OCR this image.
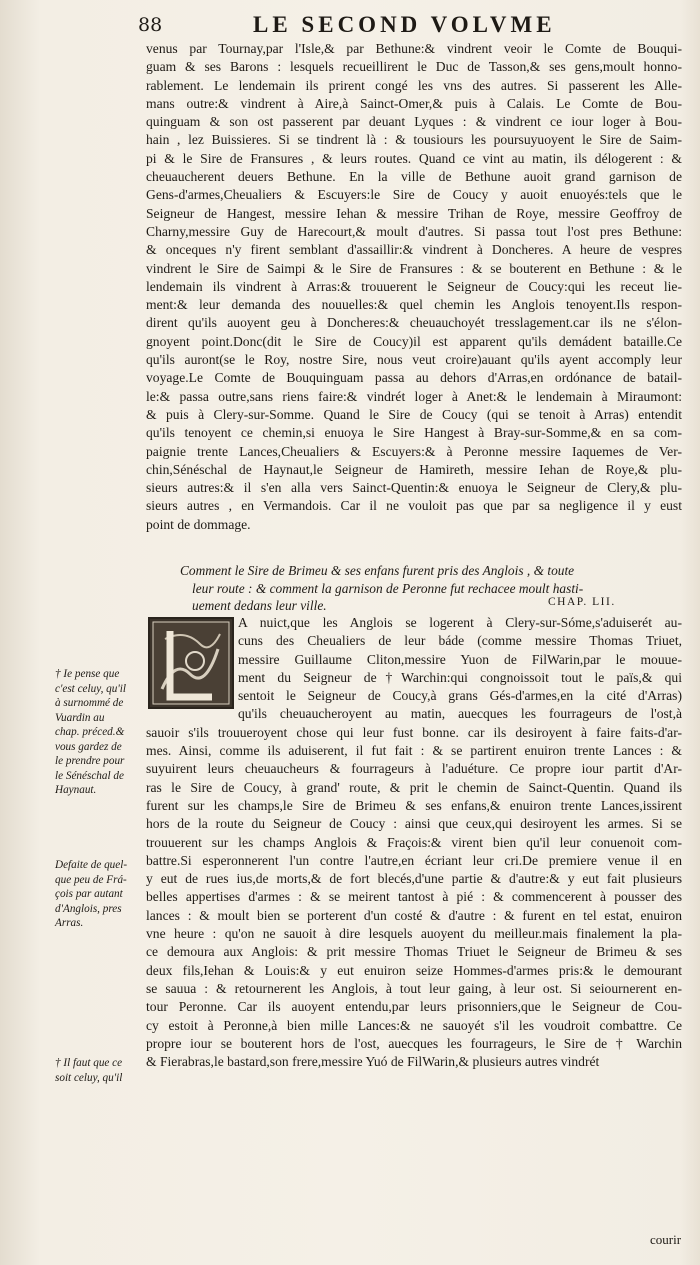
88	LE SECOND VOLVME
venus par Tournay,par l'Isle,& par Bethune:& vindrent veoir le Comte de Bouqui-
guam & ses Barons : lesquels recueillirent le Duc de Tasson,& ses gens,moult honno-
rablement. Le lendemain ils prirent congé les vns des autres. Si passerent les Alle-
mans outre:& vindrent à Aire,à Sainct-Omer,& puis à Calais. Le Comte de Bou-
quinguam & son ost passerent par deuant Lyques : & vindrent ce iour loger à Bou-
hain , lez Buissieres. Si se tindrent là : & tousiours les poursuyuoyent le Sire de Saim-
pi & le Sire de Fransures , & leurs routes. Quand ce vint au matin, ils délogerent : &
cheuaucherent deuers Bethune. En la ville de Bethune auoit grand garnison de
Gens-d'armes,Cheualiers & Escuyers:le Sire de Coucy y auoit enuoyés:tels que le
Seigneur de Hangest, messire Iehan & messire Trihan de Roye, messire Geoffroy de
Charny,messire Guy de Harecourt,& moult d'autres. Si passa tout l'ost pres Bethune:
& onceques n'y firent semblant d'assaillir:& vindrent à Doncheres. A heure de vespres
vindrent le Sire de Saimpi & le Sire de Fransures : & se bouterent en Bethune : & le
lendemain ils vindrent à Arras:& trouuerent le Seigneur de Coucy:qui les receut lie-
ment:& leur demanda des nouuelles:& quel chemin les Anglois tenoyent.Ils respon-
dirent qu'ils auoyent geu à Doncheres:& cheuauchoyét tresslagement.car ils ne s'élon-
gnoyent point.Donc(dit le Sire de Coucy)il est apparent qu'ils demádent bataille.Ce
qu'ils auront(se le Roy, nostre Sire, nous veut croire)auant qu'ils ayent accomply leur
voyage.Le Comte de Bouquinguam passa au dehors d'Arras,en ordónance de batail-
le:& passa outre,sans riens faire:& vindrét loger à Anet:& le lendemain à Miraumont:
& puis à Clery-sur-Somme. Quand le Sire de Coucy (qui se tenoit à Arras) entendit
qu'ils tenoyent ce chemin,si enuoya le Sire Hangest à Bray-sur-Somme,& en sa com-
paignie trente Lances,Cheualiers & Escuyers:& à Peronne messire Iaquemes de Ver-
chin,Sénéschal de Haynaut,le Seigneur de Hamireth, messire Iehan de Roye,& plu-
sieurs autres:& il s'en alla vers Sainct-Quentin:& enuoya le Seigneur de Clery,& plu-
sieurs autres , en Vermandois. Car il ne vouloit pas que par sa negligence il y eust
point de dommage.
Comment le Sire de Brimeu & ses enfans furent pris des Anglois , & toute
leur route : & comment la garnison de Peronne fut rechacee moult hasti-
uement dedans leur ville.	CHAP. LII.
A nuict,que les Anglois se logerent à Clery-sur-Sóme,s'aduiserét au-
cuns des Cheualiers de leur báde (comme messire Thomas Triuet,
messire Guillaume Cliton,messire Yuon de FilWarin,par le mouue-
ment du Seigneur de†Warchin:qui congnoissoit tout le païs,& qui
sentoit le Seigneur de Coucy,à grans Gés-d'armes,en la cité d'Arras)
qu'ils cheuaucheroyent au matin, auecques les fourrageurs de l'ost,à
sauoir s'ils trouueroyent chose qui leur fust bonne. car ils desiroyent à faire faits-d'ar-
mes. Ainsi, comme ils aduiserent, il fut fait : & se partirent enuiron trente Lances : &
suyuirent leurs cheuaucheurs & fourrageurs à l'aduéture. Ce propre iour partit d'Ar-
ras le Sire de Coucy, à grand' route, & prit le chemin de Sainct-Quentin. Quand ils
furent sur les champs,le Sire de Brimeu & ses enfans,& enuiron trente Lances,issirent
hors de la route du Seigneur de Coucy : ainsi que ceux,qui desiroyent les armes. Si se
trouuerent sur les champs Anglois & Fraçois:& virent bien qu'il leur conuenoit com-
battre.Si esperonnerent l'un contre l'autre,en écriant leur cri.De premiere venue il en
y eut de rues ius,de morts,& de fort blecés,d'une partie & d'autre:& y eut fait plusieurs
belles appertises d'armes : & se meirent tantost à pié : & commencerent à pousser des
lances : & moult bien se porterent d'un costé & d'autre : & furent en tel estat, enuiron
vne heure : qu'on ne sauoit à dire lesquels auoyent du meilleur.mais finalement la pla-
ce demoura aux Anglois: & prit messire Thomas Triuet le Seigneur de Brimeu & ses
deux fils,Iehan & Louis:& y eut enuiron seize Hommes-d'armes pris:& le demourant
se sauua : & retournerent les Anglois, à tout leur gaing, à leur ost. Si seiournerent en-
tour Peronne. Car ils auoyent entendu,par leurs prisonniers,que le Seigneur de Cou-
cy estoit à Peronne,à bien mille Lances:& ne sauoyét s'il les voudroit combattre. Ce
propre iour se bouterent hors de l'ost, auecques les fourrageurs, le Sire de † Warchin
& Fierabras,le bastard,son frere,messire Yuó de FilWarin,& plusieurs autres vindrét
† Ie pense que
c'est celuy, qu'il
à surnommé de
Vuardin au
chap. préced.&
vous gardez de
le prendre pour
le Sénéschal de
Haynaut.
Defaite de quel-
que peu de Frá-
çois par autant
d'Anglois, pres
Arras.
† Il faut que ce
soit celuy, qu'il
courir
